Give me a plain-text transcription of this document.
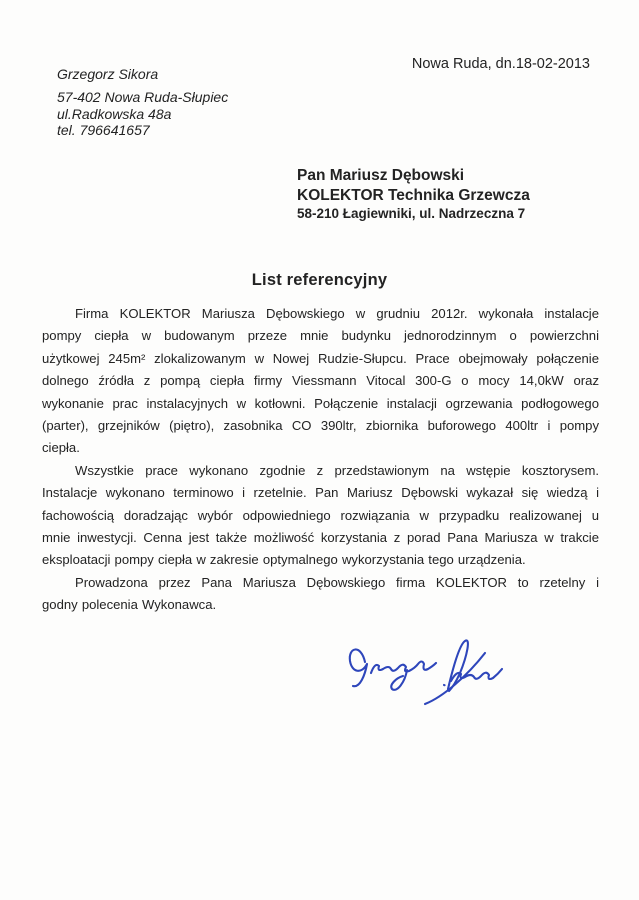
Nowa Ruda, dn.18-02-2013
Grzegorz Sikora
57-402 Nowa Ruda-Słupiec
ul.Radkowska 48a
tel. 796641657
Pan Mariusz Dębowski
KOLEKTOR Technika Grzewcza
58-210 Łagiewniki, ul. Nadrzeczna 7
List referencyjny
Firma KOLEKTOR Mariusza Dębowskiego w grudniu 2012r. wykonała instalacje
pompy ciepła w budowanym przeze mnie budynku jednorodzinnym o powierzchni
użytkowej 245m² zlokalizowanym w Nowej Rudzie-Słupcu. Prace obejmowały połączenie
dolnego źródła z pompą ciepła firmy Viessmann Vitocal 300-G o mocy 14,0kW oraz
wykonanie prac instalacyjnych w kotłowni. Połączenie instalacji ogrzewania podłogowego
(parter), grzejników (piętro), zasobnika CO 390ltr, zbiornika buforowego 400ltr i pompy
ciepła.
Wszystkie prace wykonano zgodnie z przedstawionym na wstępie kosztorysem.
Instalacje wykonano terminowo i rzetelnie. Pan Mariusz Dębowski wykazał się wiedzą i
fachowością doradzając wybór odpowiedniego rozwiązania w przypadku realizowanej u
mnie inwestycji. Cenna jest także możliwość korzystania z porad Pana Mariusza w trakcie
eksploatacji pompy ciepła w zakresie optymalnego wykorzystania tego urządzenia.
Prowadzona przez Pana Mariusza Dębowskiego firma KOLEKTOR to rzetelny i
godny polecenia Wykonawca.
